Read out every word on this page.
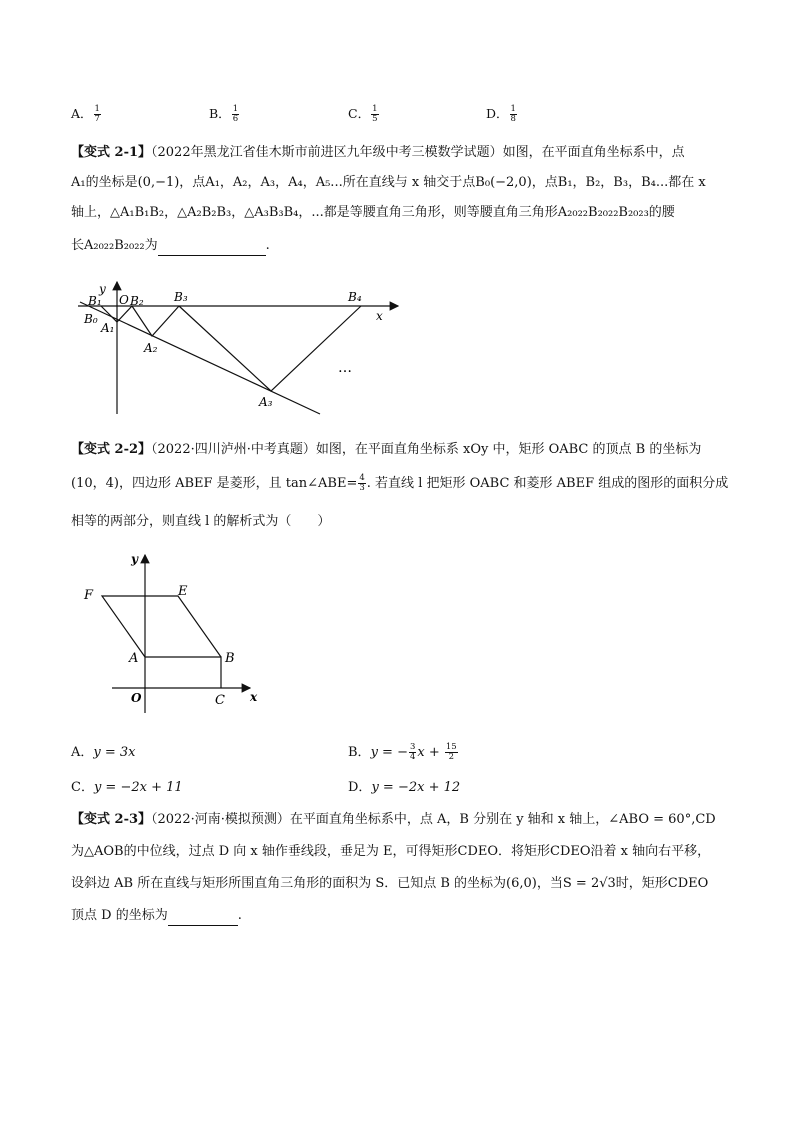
A． $\frac{1}{7}$	B． $\frac{1}{6}$	C． $\frac{1}{5}$	D． $\frac{1}{8}$
【变式 2-1】（2022年黑龙江省佳木斯市前进区九年级中考三模数学试题）如图，在平面直角坐标系中，点
A₁的坐标是(0,−1)，点A₁，A₂，A₃，A₄，A₅...所在直线与 x 轴交于点B₀(−2,0)，点B₁，B₂，B₃，B₄...都在 x
轴上，△A₁B₁B₂，△A₂B₂B₃，△A₃B₃B₄，...都是等腰直角三角形，则等腰直角三角形A₂₀₂₂B₂₀₂₂B₂₀₂₃的腰
长A₂₀₂₂B₂₀₂₂为	.
y
x
O
B₁ B₂	B₃	B₄
B₀
A₁
A₂
A₃
…
【变式 2-2】（2022·四川泸州·中考真题）如图，在平面直角坐标系 xOy 中，矩形 OABC 的顶点 B 的坐标为
(10，4)，四边形 ABEF 是菱形，且 tan∠ABE= $\frac{4}{3}$ . 若直线 l 把矩形 OABC 和菱形 ABEF 组成的图形的面积分成
相等的两部分，则直线 l 的解析式为（　　）
y
x
O
A	B
C
E
F
A．y = 3x	B．y = − $\frac{3}{4}$ $x + \frac{15}{2}$
C．y = −2x + 11	D．y = −2x + 12
【变式 2-3】（2022·河南·模拟预测）在平面直角坐标系中，点 A，B 分别在 y 轴和 x 轴上，∠ABO = 60°,CD
为△AOB的中位线，过点 D 向 x 轴作垂线段，垂足为 E，可得矩形CDEO．将矩形CDEO沿着 x 轴向右平移，
设斜边 AB 所在直线与矩形所围直角三角形的面积为 S．已知点 B 的坐标为(6,0)，当S = 2√3时，矩形CDEO
顶点 D 的坐标为	.
